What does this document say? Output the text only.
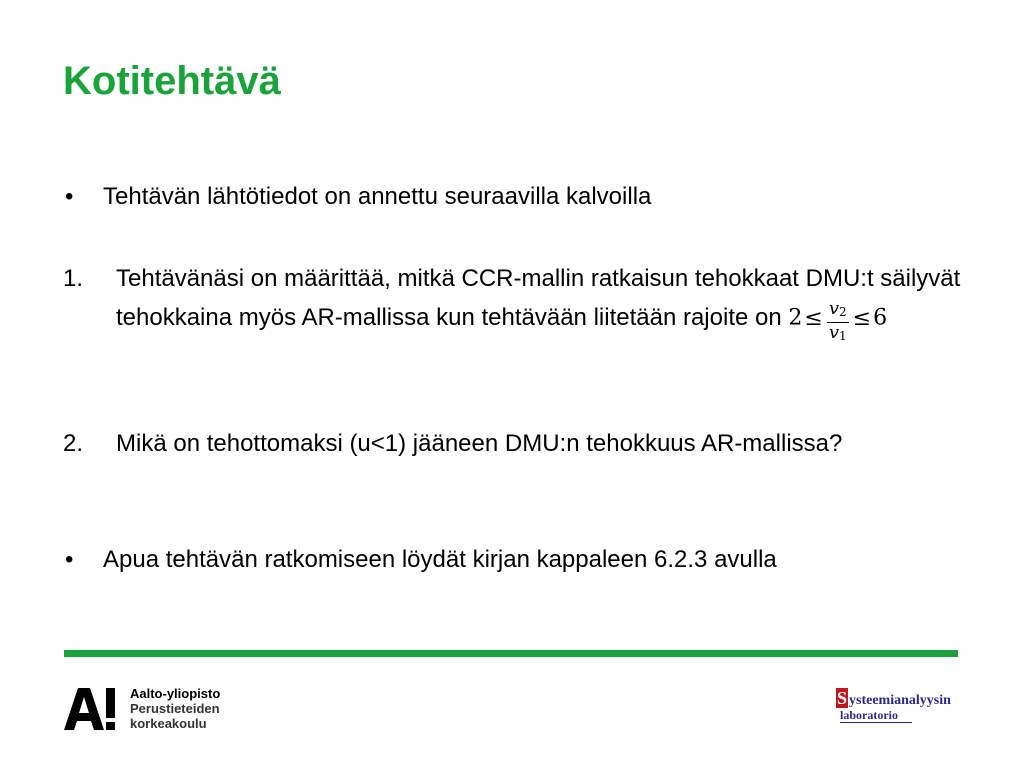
Kotitehtävä
• Tehtävän lähtötiedot on annettu seuraavilla kalvoilla
1. Tehtävänäsi on määrittää, mitkä CCR-mallin ratkaisun tehokkaat DMU:t säilyvät tehokkaina myös AR-mallissa kun tehtävään liitetään rajoite on $2\le \frac{v_2}{v_1} \le 6$
2. Mikä on tehottomaksi (u<1) jääneen DMU:n tehokkuus AR-mallissa?
• Apua tehtävän ratkomiseen löydät kirjan kappaleen 6.2.3 avulla
Aalto-yliopisto
Perustieteiden
korkeakoulu
S ysteemianalyysin
laboratorio
